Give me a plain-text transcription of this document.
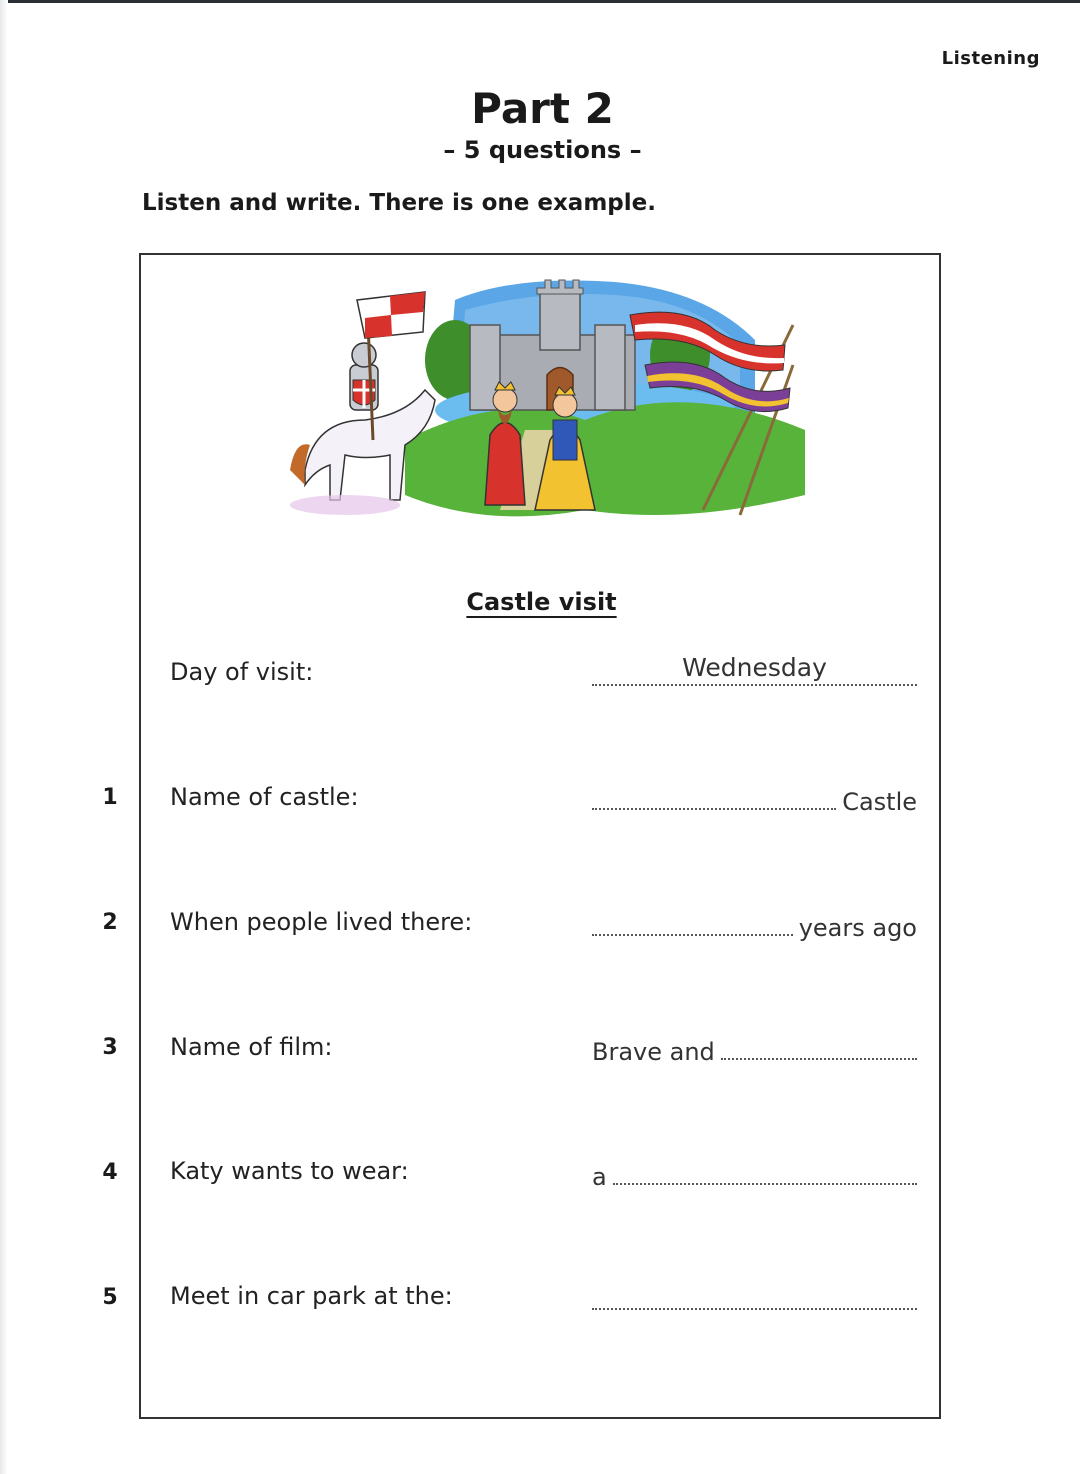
Listening
Part 2
– 5 questions –
Listen and write. There is one example.
Castle visit
Day of visit:	Wednesday
1 Name of castle:	Castle
2 When people lived there:	years ago
3 Name of film:	Brave and
4 Katy wants to wear:	a
5 Meet in car park at the:
